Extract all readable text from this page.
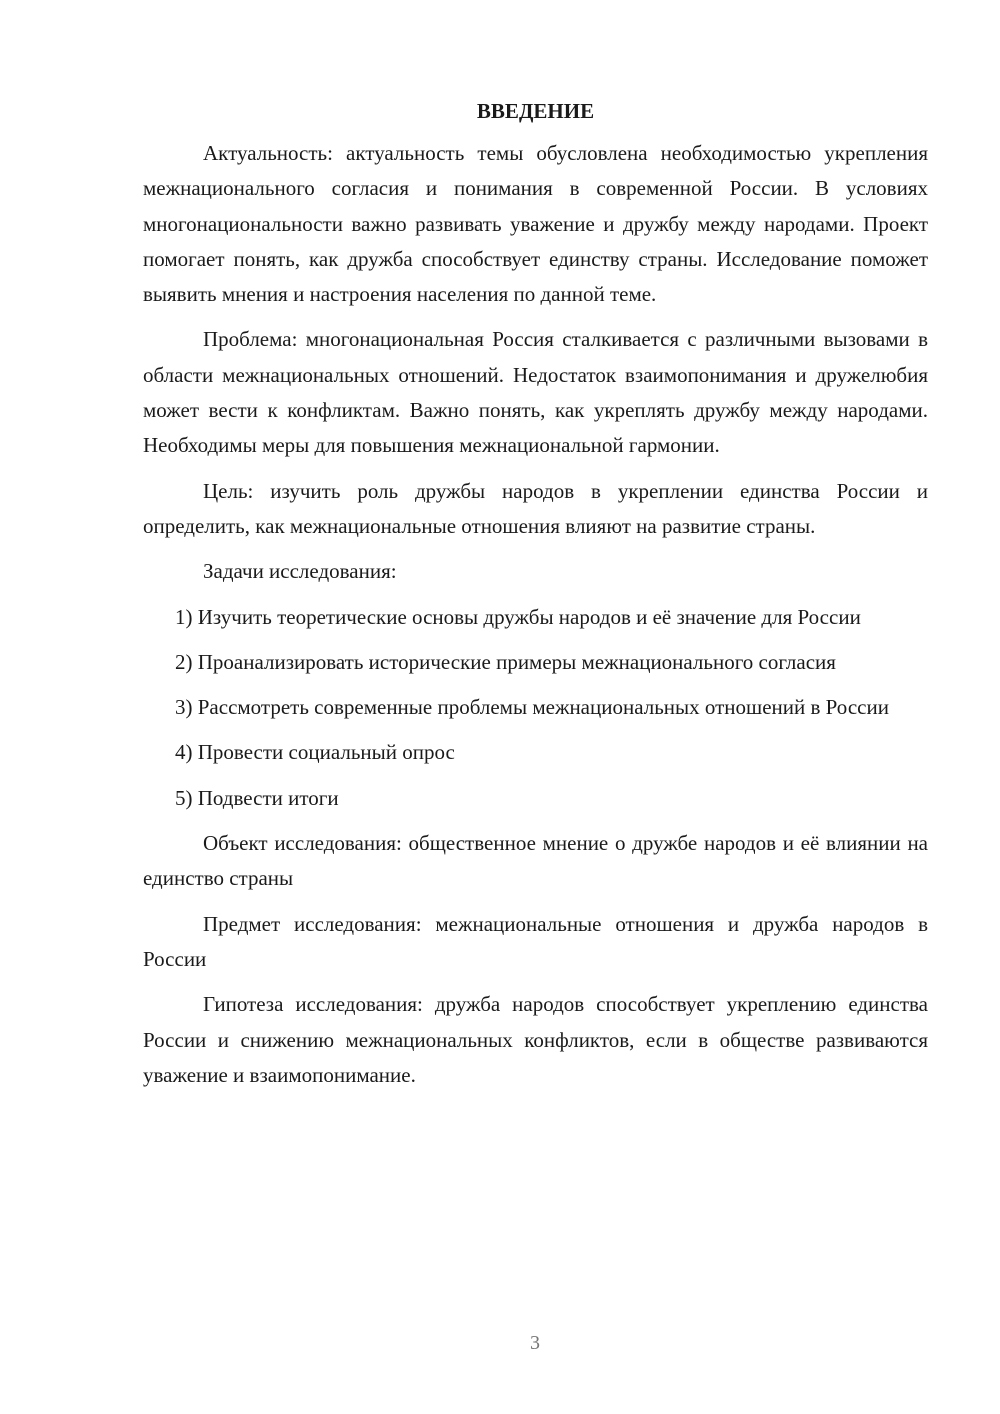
ВВЕДЕНИЕ

Актуальность: актуальность темы обусловлена необходимостью укрепления межнационального согласия и понимания в современной России. В условиях многонациональности важно развивать уважение и дружбу между народами. Проект помогает понять, как дружба способствует единству страны. Исследование поможет выявить мнения и настроения населения по данной теме.

Проблема: многонациональная Россия сталкивается с различными вызовами в области межнациональных отношений. Недостаток взаимопонимания и дружелюбия может вести к конфликтам. Важно понять, как укреплять дружбу между народами. Необходимы меры для повышения межнациональной гармонии.

Цель: изучить роль дружбы народов в укреплении единства России и определить, как межнациональные отношения влияют на развитие страны.

Задачи исследования:

1) Изучить теоретические основы дружбы народов и её значение для России

2) Проанализировать исторические примеры межнационального согласия

3) Рассмотреть современные проблемы межнациональных отношений в России

4) Провести социальный опрос

5) Подвести итоги

Объект исследования: общественное мнение о дружбе народов и её влиянии на единство страны

Предмет исследования: межнациональные отношения и дружба народов в России

Гипотеза исследования: дружба народов способствует укреплению единства России и снижению межнациональных конфликтов, если в обществе развиваются уважение и взаимопонимание.

3
